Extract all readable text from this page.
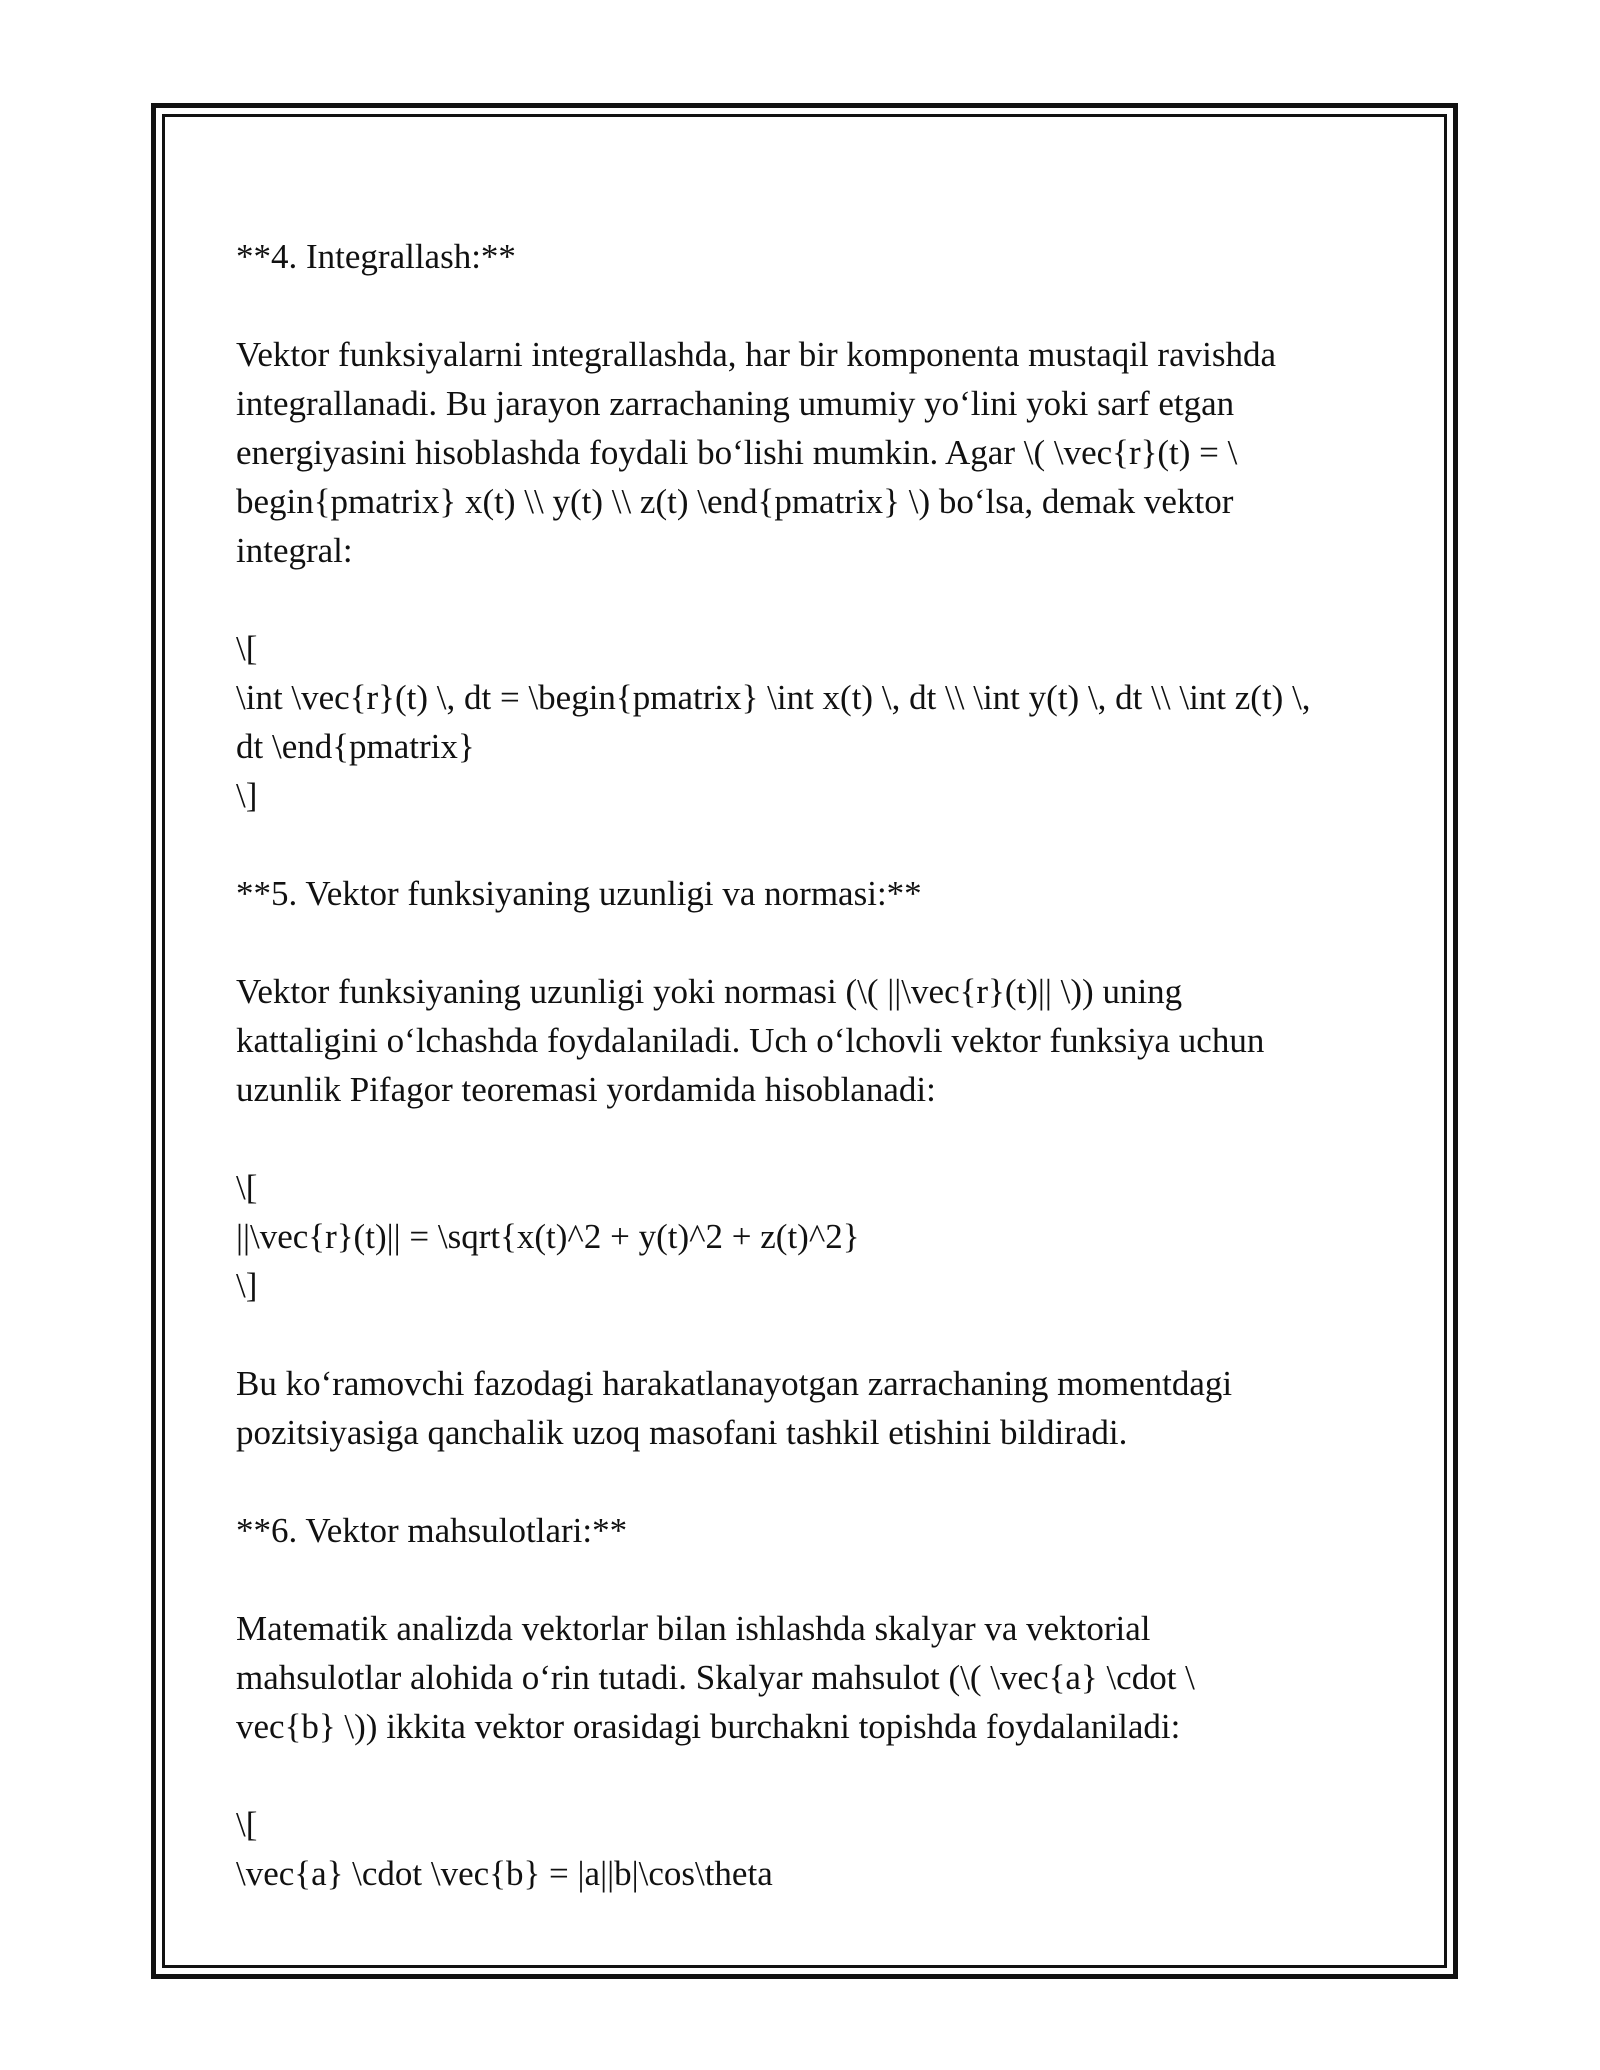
**4. Integrallash:**

Vektor funksiyalarni integrallashda, har bir komponenta mustaqil ravishda
integrallanadi. Bu jarayon zarrachaning umumiy yo‘lini yoki sarf etgan
energiyasini hisoblashda foydali bo‘lishi mumkin. Agar \( \vec{r}(t) = \
begin{pmatrix} x(t) \\ y(t) \\ z(t) \end{pmatrix} \) bo‘lsa, demak vektor
integral:
\[
\int \vec{r}(t) \, dt = \begin{pmatrix} \int x(t) \, dt \\ \int y(t) \, dt \\ \int z(t) \,
dt \end{pmatrix}
\]

**5. Vektor funksiyaning uzunligi va normasi:**

Vektor funksiyaning uzunligi yoki normasi (\( ||\vec{r}(t)|| \)) uning
kattaligini o‘lchashda foydalaniladi. Uch o‘lchovli vektor funksiya uchun
uzunlik Pifagor teoremasi yordamida hisoblanadi:
\[
||\vec{r}(t)|| = \sqrt{x(t)^2 + y(t)^2 + z(t)^2}
\]
Bu ko‘ramovchi fazodagi harakatlanayotgan zarrachaning momentdagi
pozitsiyasiga qanchalik uzoq masofani tashkil etishini bildiradi.

**6. Vektor mahsulotlari:**

Matematik analizda vektorlar bilan ishlashda skalyar va vektorial
mahsulotlar alohida o‘rin tutadi. Skalyar mahsulot (\( \vec{a} \cdot \
vec{b} \)) ikkita vektor orasidagi burchakni topishda foydalaniladi:
\[
\vec{a} \cdot \vec{b} = |a||b|\cos\theta
